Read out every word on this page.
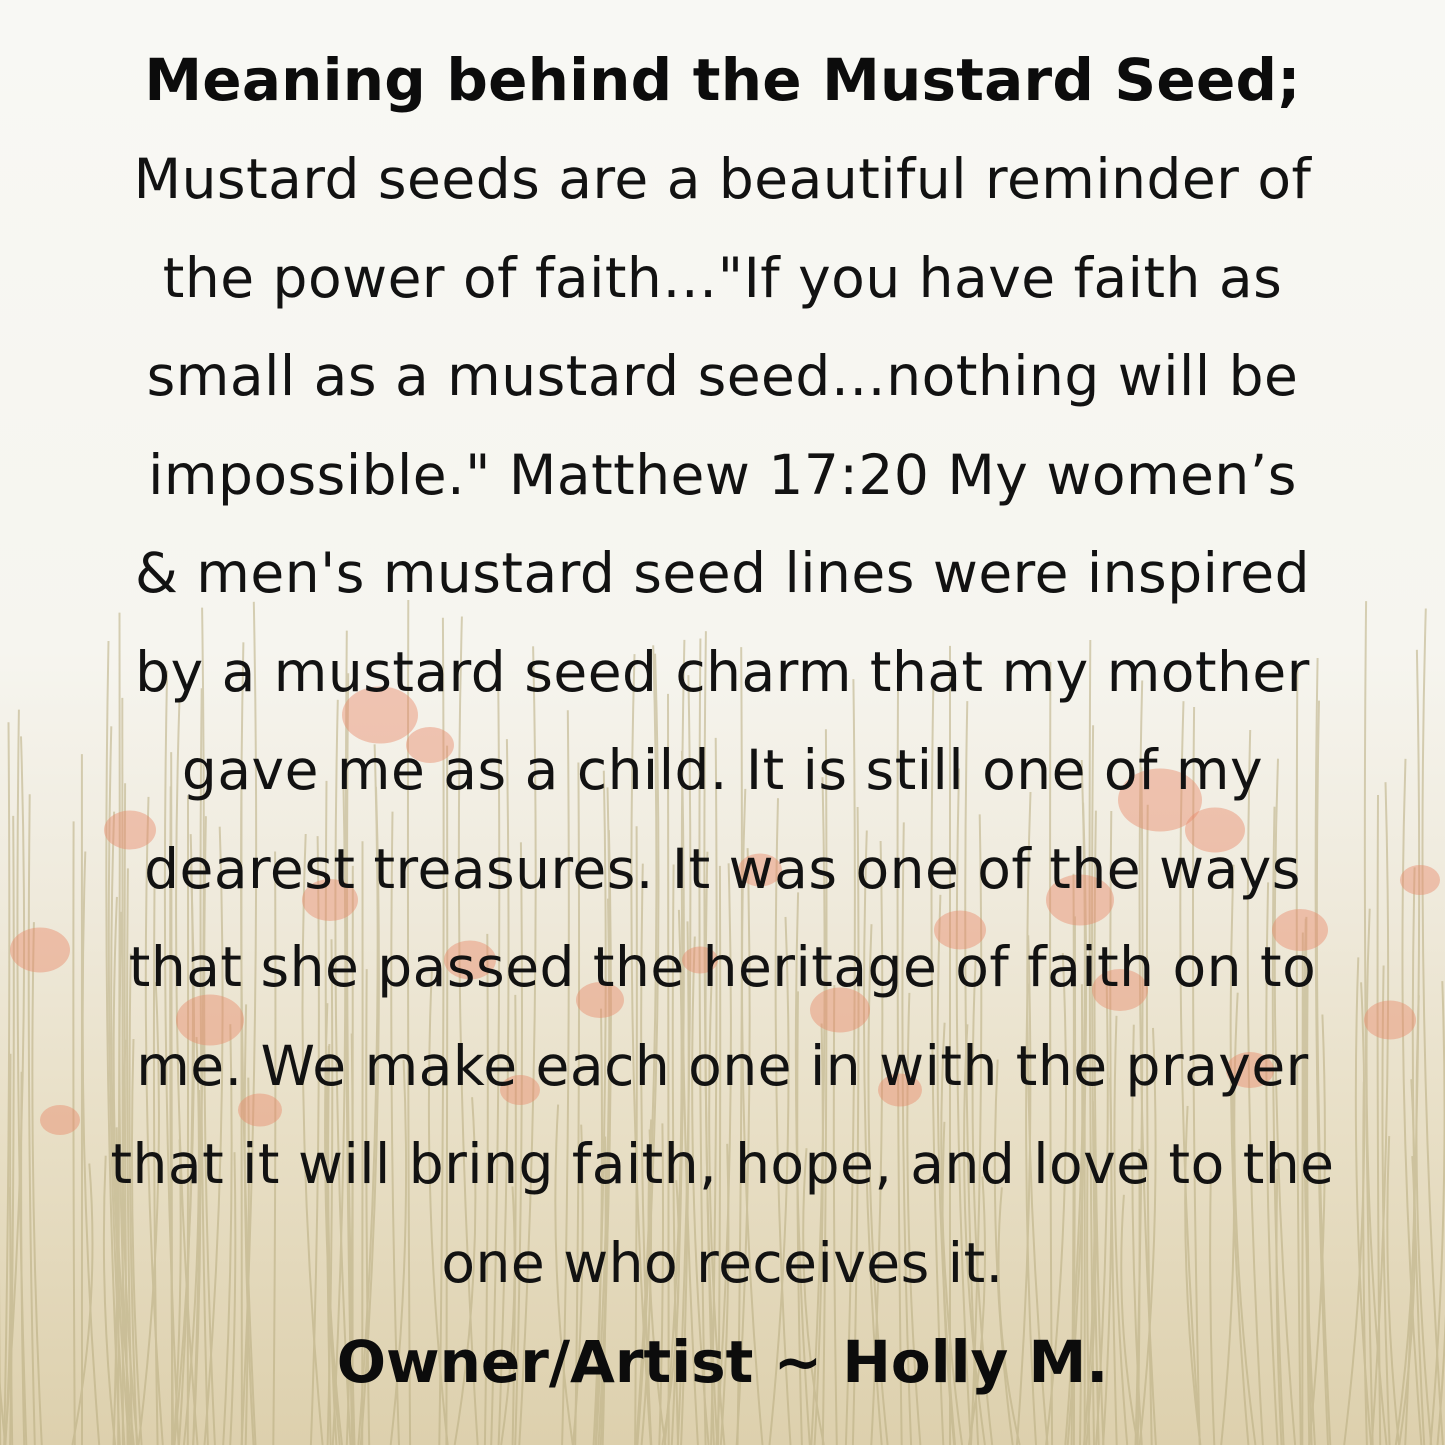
Meaning behind the Mustard Seed;
Mustard seeds are a beautiful reminder of
the power of faith…"If you have faith as
small as a mustard seed…nothing will be
impossible." Matthew 17:20 My women’s
& men's mustard seed lines were inspired
by a mustard seed charm that my mother
gave me as a child. It is still one of my
dearest treasures. It was one of the ways
that she passed the heritage of faith on to
me. We make each one in with the prayer
that it will bring faith, hope, and love to the
one who receives it.
Owner/Artist ~ Holly M.
